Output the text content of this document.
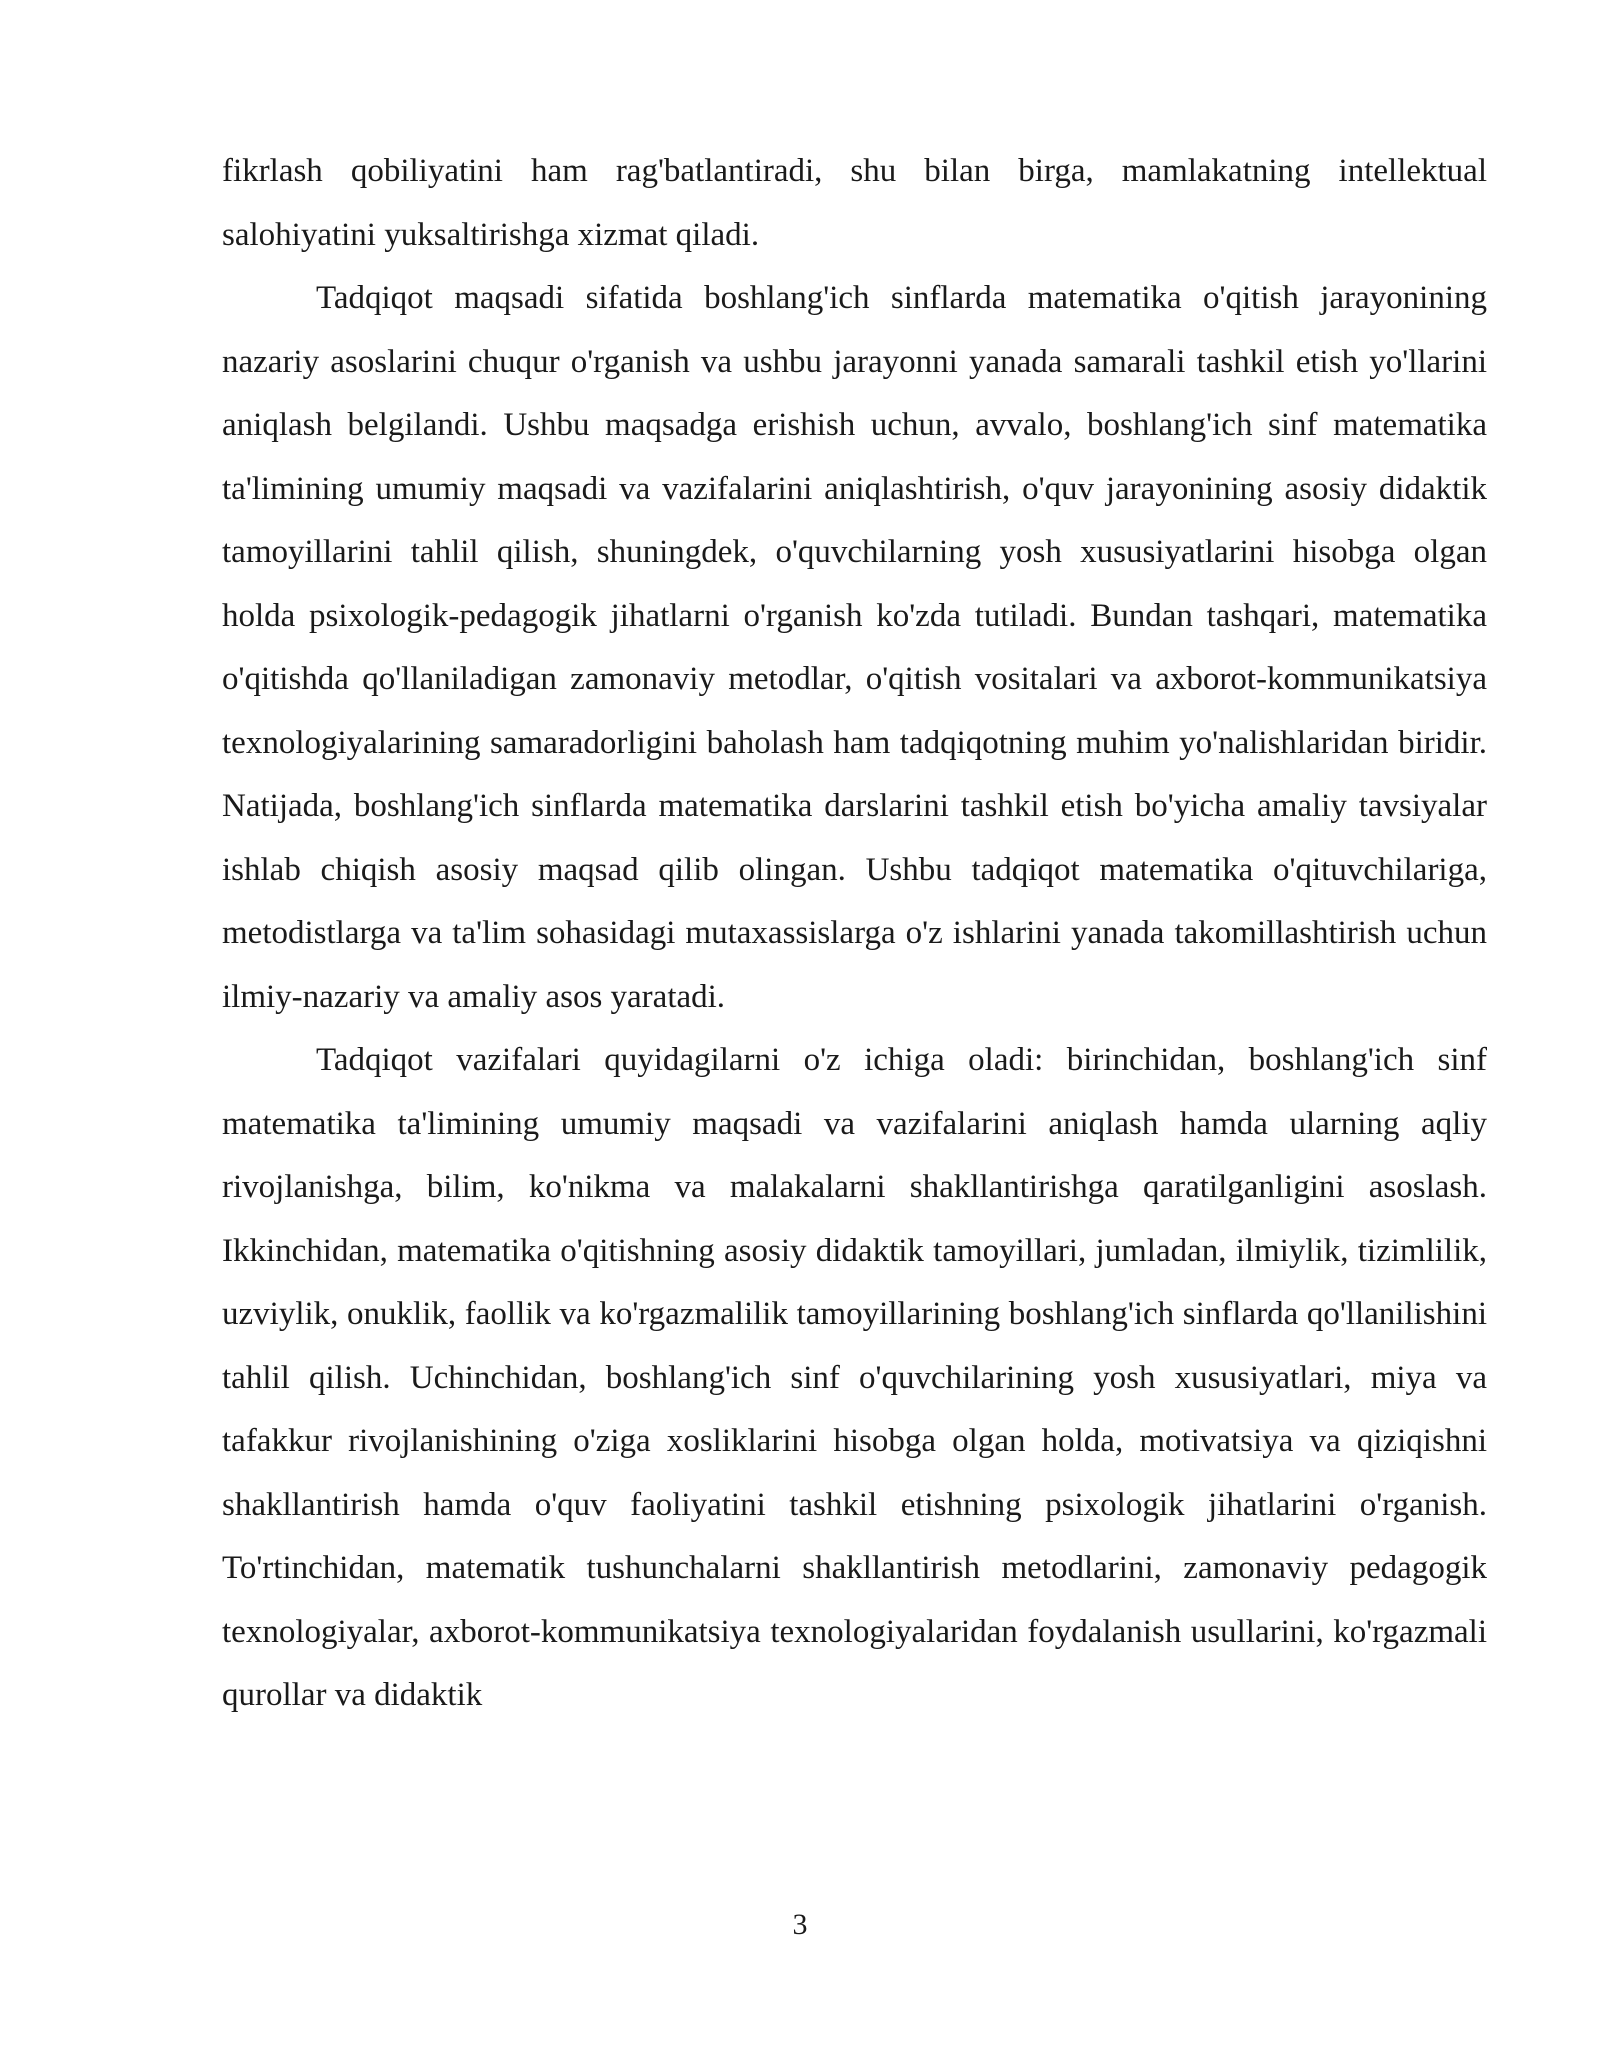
fikrlash qobiliyatini ham rag'batlantiradi, shu bilan birga, mamlakatning intellektual salohiyatini yuksaltirishga xizmat qiladi.

Tadqiqot maqsadi sifatida boshlang'ich sinflarda matematika o'qitish jarayonining nazariy asoslarini chuqur o'rganish va ushbu jarayonni yanada samarali tashkil etish yo'llarini aniqlash belgilandi. Ushbu maqsadga erishish uchun, avvalo, boshlang'ich sinf matematika ta'limining umumiy maqsadi va vazifalarini aniqlashtirish, o'quv jarayonining asosiy didaktik tamoyillarini tahlil qilish, shuningdek, o'quvchilarning yosh xususiyatlarini hisobga olgan holda psixologik-pedagogik jihatlarni o'rganish ko'zda tutiladi. Bundan tashqari, matematika o'qitishda qo'llaniladigan zamonaviy metodlar, o'qitish vositalari va axborot-kommunikatsiya texnologiyalarining samaradorligini baholash ham tadqiqotning muhim yo'nalishlaridan biridir. Natijada, boshlang'ich sinflarda matematika darslarini tashkil etish bo'yicha amaliy tavsiyalar ishlab chiqish asosiy maqsad qilib olingan. Ushbu tadqiqot matematika o'qituvchilariga, metodistlarga va ta'lim sohasidagi mutaxassislarga o'z ishlarini yanada takomillashtirish uchun ilmiy-nazariy va amaliy asos yaratadi.

Tadqiqot vazifalari quyidagilarni o'z ichiga oladi: birinchidan, boshlang'ich sinf matematika ta'limining umumiy maqsadi va vazifalarini aniqlash hamda ularning aqliy rivojlanishga, bilim, ko'nikma va malakalarni shakllantirishga qaratilganligini asoslash. Ikkinchidan, matematika o'qitishning asosiy didaktik tamoyillari, jumladan, ilmiylik, tizimlilik, uzviylik, onuklik, faollik va ko'rgazmalilik tamoyillarining boshlang'ich sinflarda qo'llanilishini tahlil qilish. Uchinchidan, boshlang'ich sinf o'quvchilarining yosh xususiyatlari, miya va tafakkur rivojlanishining o'ziga xosliklarini hisobga olgan holda, motivatsiya va qiziqishni shakllantirish hamda o'quv faoliyatini tashkil etishning psixologik jihatlarini o'rganish. To'rtinchidan, matematik tushunchalarni shakllantirish metodlarini, zamonaviy pedagogik texnologiyalar, axborot-kommunikatsiya texnologiyalaridan foydalanish usullarini, ko'rgazmali qurollar va didaktik

3
